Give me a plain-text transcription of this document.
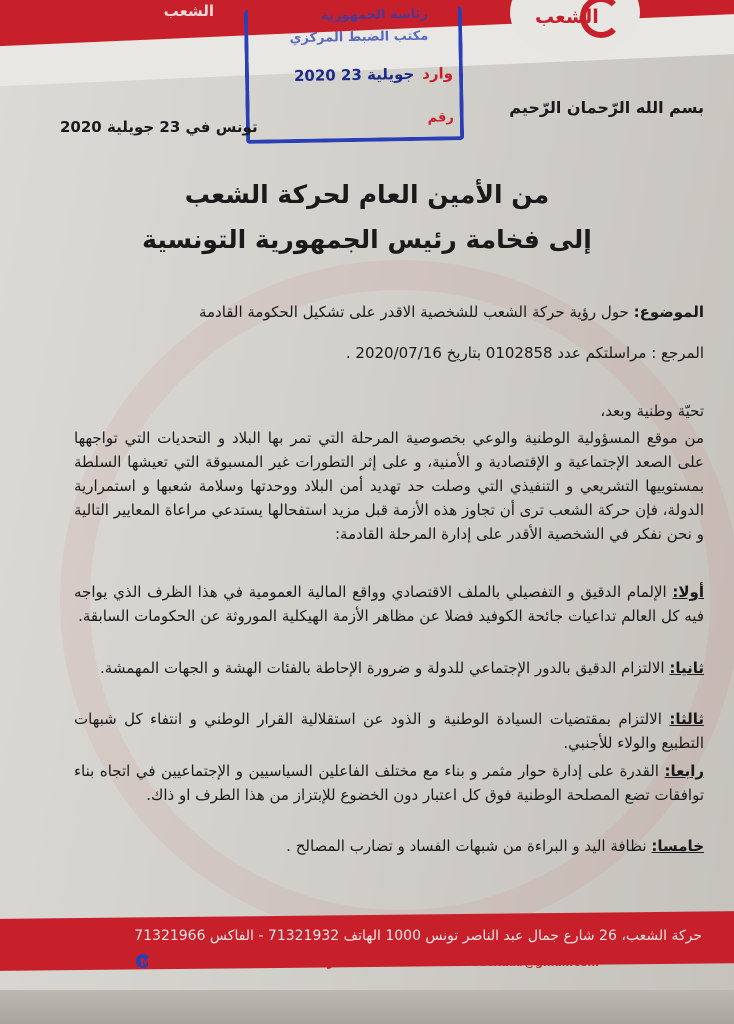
الشعب	الشعب
رئاسة الجمهورية
مكتب الضبط المركزي
2020 23 جويلية وارد
رقم
بسم الله الرّحمان الرّحيم
تونس في 23 جويلية 2020
من الأمين العام لحركة الشعب
إلى فخامة رئيس الجمهورية التونسية
الموضوع: حول رؤية حركة الشعب للشخصية الاقدر على تشكيل الحكومة القادمة
المرجع : مراسلتكم عدد 0102858 بتاريخ 2020/07/16 .
تحيّة وطنية وبعد،
من موقع المسؤولية الوطنية والوعي بخصوصية المرحلة التي تمر بها البلاد و التحديات التي تواجهها على الصعد الإجتماعية و الإقتصادية و الأمنية، و على إثر التطورات غير المسبوقة التي تعيشها السلطة بمستوييها التشريعي و التنفيذي التي وصلت حد تهديد أمن البلاد ووحدتها وسلامة شعبها و استمرارية الدولة، فإن حركة الشعب ترى أن تجاوز هذه الأزمة قبل مزيد استفحالها يستدعي مراعاة المعايير التالية و نحن نفكر في الشخصية الأقدر على إدارة المرحلة القادمة:
أولا: الإلمام الدقيق و التفصيلي بالملف الاقتصادي وواقع المالية العمومية في هذا الظرف الذي يواجه فيه كل العالم تداعيات جائحة الكوفيد فضلا عن مظاهر الأزمة الهيكلية الموروثة عن الحكومات السابقة.
ثانيا: الالتزام الدقيق بالدور الإجتماعي للدولة و ضرورة الإحاطة بالفئات الهشة و الجهات المهمشة.
ثالثا: الالتزام بمقتضيات السيادة الوطنية و الذود عن استقلالية القرار الوطني و انتفاء كل شبهات التطبيع والولاء للأجنبي.
رابعا: القدرة على إدارة حوار مثمر و بناء مع مختلف الفاعلين السياسيين و الإجتماعيين في اتجاه بناء توافقات تضع المصلحة الوطنية فوق كل اعتبار دون الخضوع للإبتزاز من هذا الطرف او ذاك.
خامسا: نظافة اليد و البراءة من شبهات الفساد و تضارب المصالح .
حركة الشعب، 26 شارع جمال عبد الناصر تونس 1000 الهاتف 71321932 - الفاكس 71321966
Mouvement Echaâb - حركة الشعب -	e-mail : infoechaab@gmail.com
